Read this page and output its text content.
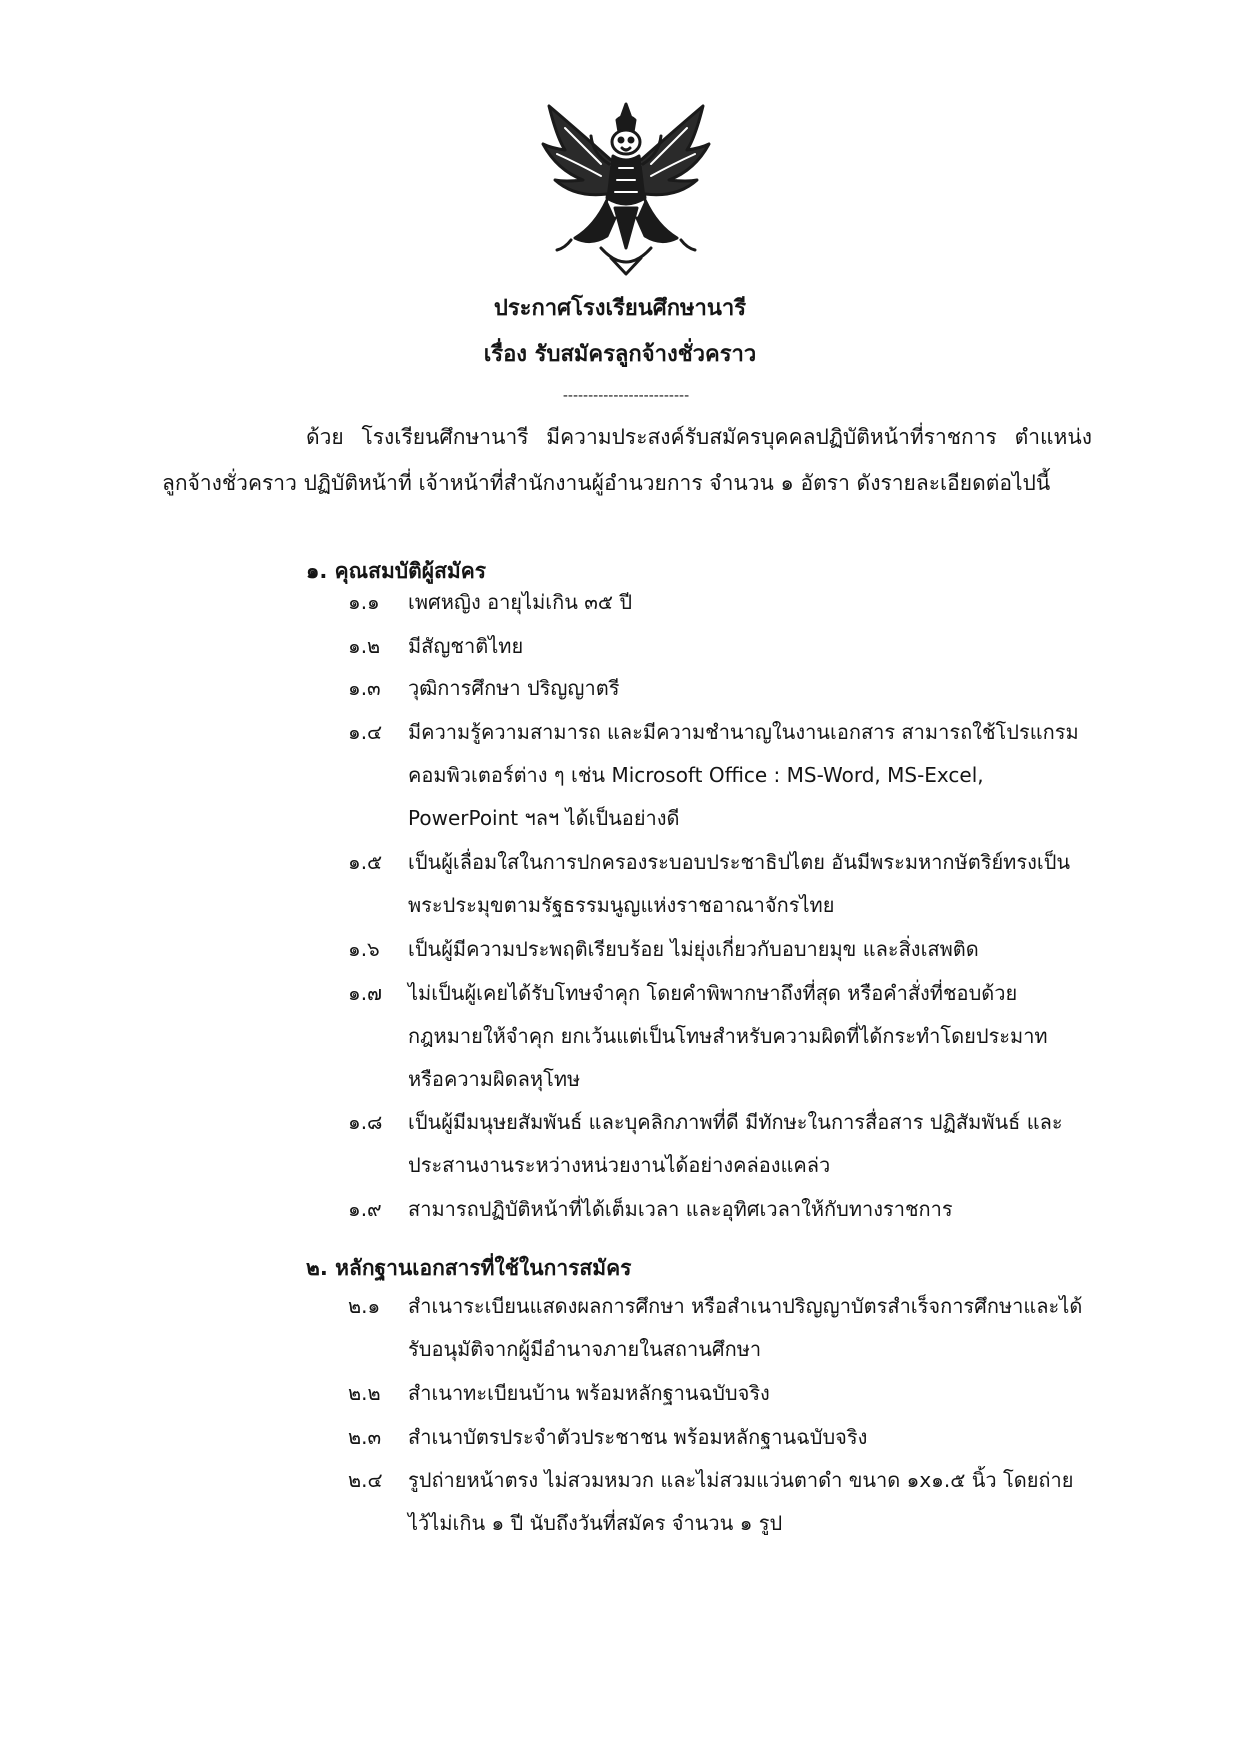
ประกาศโรงเรียนศึกษานารี
เรื่อง รับสมัครลูกจ้างชั่วคราว
-------------------------
ด้วย โรงเรียนศึกษานารี มีความประสงค์รับสมัครบุคคลปฏิบัติหน้าที่ราชการ ตำแหน่ง ลูกจ้างชั่วคราว ปฏิบัติหน้าที่ เจ้าหน้าที่สำนักงานผู้อำนวยการ จำนวน ๑ อัตรา ดังรายละเอียดต่อไปนี้
๑. คุณสมบัติผู้สมัคร
๑.๑ เพศหญิง อายุไม่เกิน ๓๕ ปี
๑.๒ มีสัญชาติไทย
๑.๓ วุฒิการศึกษา ปริญญาตรี
๑.๔ มีความรู้ความสามารถ และมีความชำนาญในงานเอกสาร สามารถใช้โปรแกรมคอมพิวเตอร์ต่าง ๆ เช่น Microsoft Office : MS-Word, MS-Excel, PowerPoint ฯลฯ ได้เป็นอย่างดี
๑.๕ เป็นผู้เลื่อมใสในการปกครองระบอบประชาธิปไตย อันมีพระมหากษัตริย์ทรงเป็นพระประมุขตามรัฐธรรมนูญแห่งราชอาณาจักรไทย
๑.๖ เป็นผู้มีความประพฤติเรียบร้อย ไม่ยุ่งเกี่ยวกับอบายมุข และสิ่งเสพติด
๑.๗ ไม่เป็นผู้เคยได้รับโทษจำคุก โดยคำพิพากษาถึงที่สุด หรือคำสั่งที่ชอบด้วยกฎหมายให้จำคุก ยกเว้นแต่เป็นโทษสำหรับความผิดที่ได้กระทำโดยประมาท หรือความผิดลหุโทษ
๑.๘ เป็นผู้มีมนุษยสัมพันธ์ และบุคลิกภาพที่ดี มีทักษะในการสื่อสาร ปฏิสัมพันธ์ และประสานงานระหว่างหน่วยงานได้อย่างคล่องแคล่ว
๑.๙ สามารถปฏิบัติหน้าที่ได้เต็มเวลา และอุทิศเวลาให้กับทางราชการ
๒. หลักฐานเอกสารที่ใช้ในการสมัคร
๒.๑ สำเนาระเบียนแสดงผลการศึกษา หรือสำเนาปริญญาบัตรสำเร็จการศึกษาและได้รับอนุมัติจากผู้มีอำนาจภายในสถานศึกษา
๒.๒ สำเนาทะเบียนบ้าน พร้อมหลักฐานฉบับจริง
๒.๓ สำเนาบัตรประจำตัวประชาชน พร้อมหลักฐานฉบับจริง
๒.๔ รูปถ่ายหน้าตรง ไม่สวมหมวก และไม่สวมแว่นตาดำ ขนาด ๑x๑.๕ นิ้ว โดยถ่ายไว้ไม่เกิน ๑ ปี นับถึงวันที่สมัคร จำนวน ๑ รูป
